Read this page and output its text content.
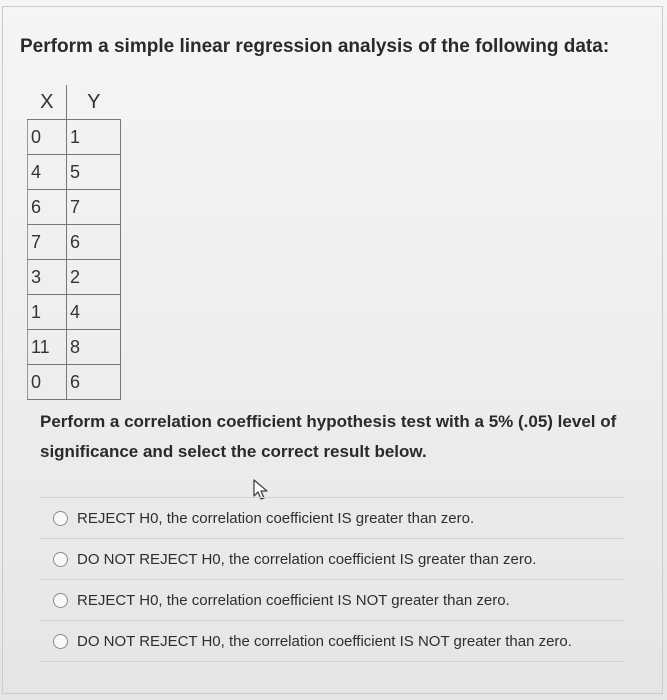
Perform a simple linear regression analysis of the following data:

X	Y
0	1
4	5
6	7
7	6
3	2
1	4
11	8
0	6

Perform a correlation coefficient hypothesis test with a 5% (.05) level of significance and select the correct result below.

REJECT H0, the correlation coefficient IS greater than zero.
DO NOT REJECT H0, the correlation coefficient IS greater than zero.
REJECT H0, the correlation coefficient IS NOT greater than zero.
DO NOT REJECT H0, the correlation coefficient IS NOT greater than zero.
